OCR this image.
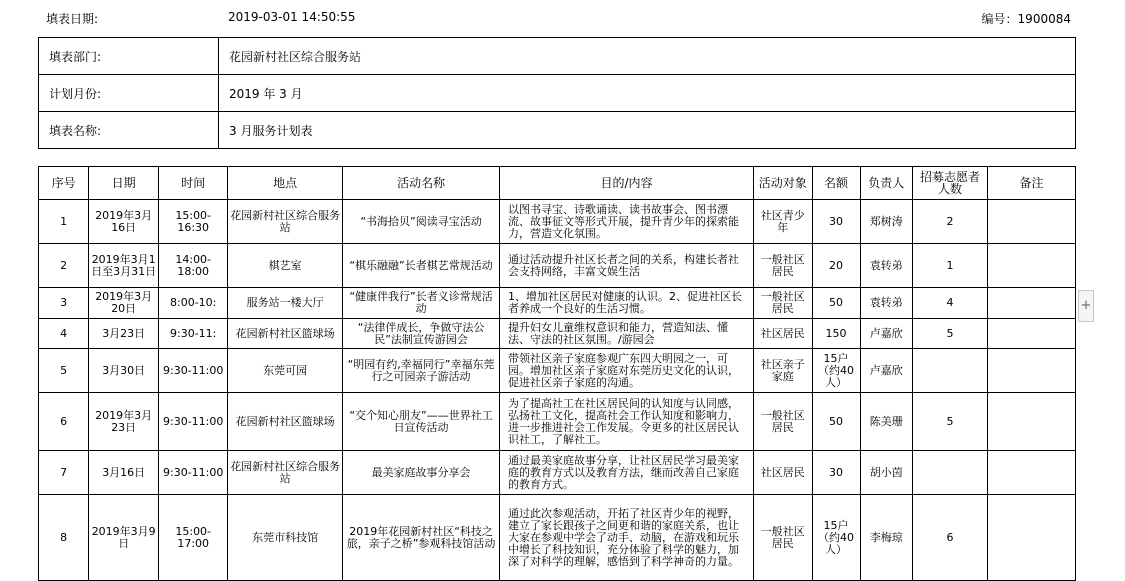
填表日期:	2019-03-01 14:50:55	编号：1900084
填表部门:	花园新村社区综合服务站
计划月份:	2019 年 3 月
填表名称:	3 月服务计划表
序号	日期	时间	地点	活动名称	目的/内容	活动对象	名额	负责人	招募志愿者人数	备注
1	2019年3月16日	15:00-16:30	花园新村社区综合服务站	“书海拾贝”阅读寻宝活动	以图书寻宝、诗歌诵读、读书故事会、图书漂流、故事征文等形式开展，提升青少年的探索能力，营造文化氛围。	社区青少年	30	郑树涛	2	
2	2019年3月1日至3月31日	14:00-18:00	棋艺室	“棋乐融融”长者棋艺常规活动	通过活动提升社区长者之间的关系，构建长者社会支持网络，丰富文娱生活	一般社区居民	20	袁转弟	1	
3	2019年3月20日	8:00-10:	服务站一楼大厅	“健康伴我行”长者义诊常规活动	1、增加社区居民对健康的认识。2、促进社区长者养成一个良好的生活习惯。	一般社区居民	50	袁转弟	4	
4	3月23日	9:30-11:	花园新村社区篮球场	“法律伴成长，争做守法公民”法制宣传游园会	提升妇女儿童维权意识和能力，营造知法、懂法、守法的社区氛围。/游园会	社区居民	150	卢嘉欣	5	
5	3月30日	9:30-11:00	东莞可园	“明园有约,幸福同行”幸福东莞行之可园亲子游活动	带领社区亲子家庭参观广东四大明园之一，可园。增加社区亲子家庭对东莞历史文化的认识，促进社区亲子家庭的沟通。	社区亲子家庭	15户（约40人）	卢嘉欣		
6	2019年3月23日	9:30-11:00	花园新村社区篮球场	“交个知心朋友”——世界社工日宣传活动	为了提高社工在社区居民间的认知度与认同感，弘扬社工文化，提高社会工作认知度和影响力，进一步推进社会工作发展。令更多的社区居民认识社工，了解社工。	一般社区居民	50	陈美珊	5	
7	3月16日	9:30-11:00	花园新村社区综合服务站	最美家庭故事分享会	通过最美家庭故事分享，让社区居民学习最美家庭的教育方式以及教育方法，继而改善自己家庭的教育方式。	社区居民	30	胡小茵		
8	2019年3月9日	15:00-17:00	东莞市科技馆	2019年花园新村社区“科技之旅，亲子之桥”参观科技馆活动	通过此次参观活动，开拓了社区青少年的视野，建立了家长跟孩子之间更和谐的家庭关系，也让大家在参观中学会了动手、动脑，在游戏和玩乐中增长了科技知识，充分体验了科学的魅力，加深了对科学的理解，感悟到了科学神奇的力量。	一般社区居民	15户（约40人）	李梅琼	6	
+
